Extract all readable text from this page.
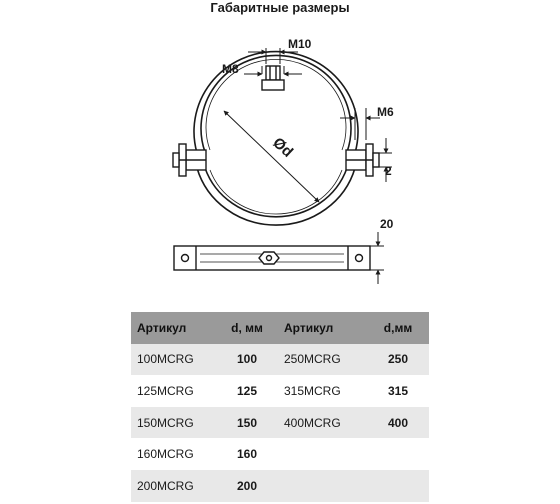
Габаритные размеры
M10
M8
M6
2
Ød
20
Артикул	d, мм	Артикул	d,мм
100MCRG	100	250MCRG	250
125MCRG	125	315MCRG	315
150MCRG	150	400MCRG	400
160MCRG	160		
200MCRG	200		
